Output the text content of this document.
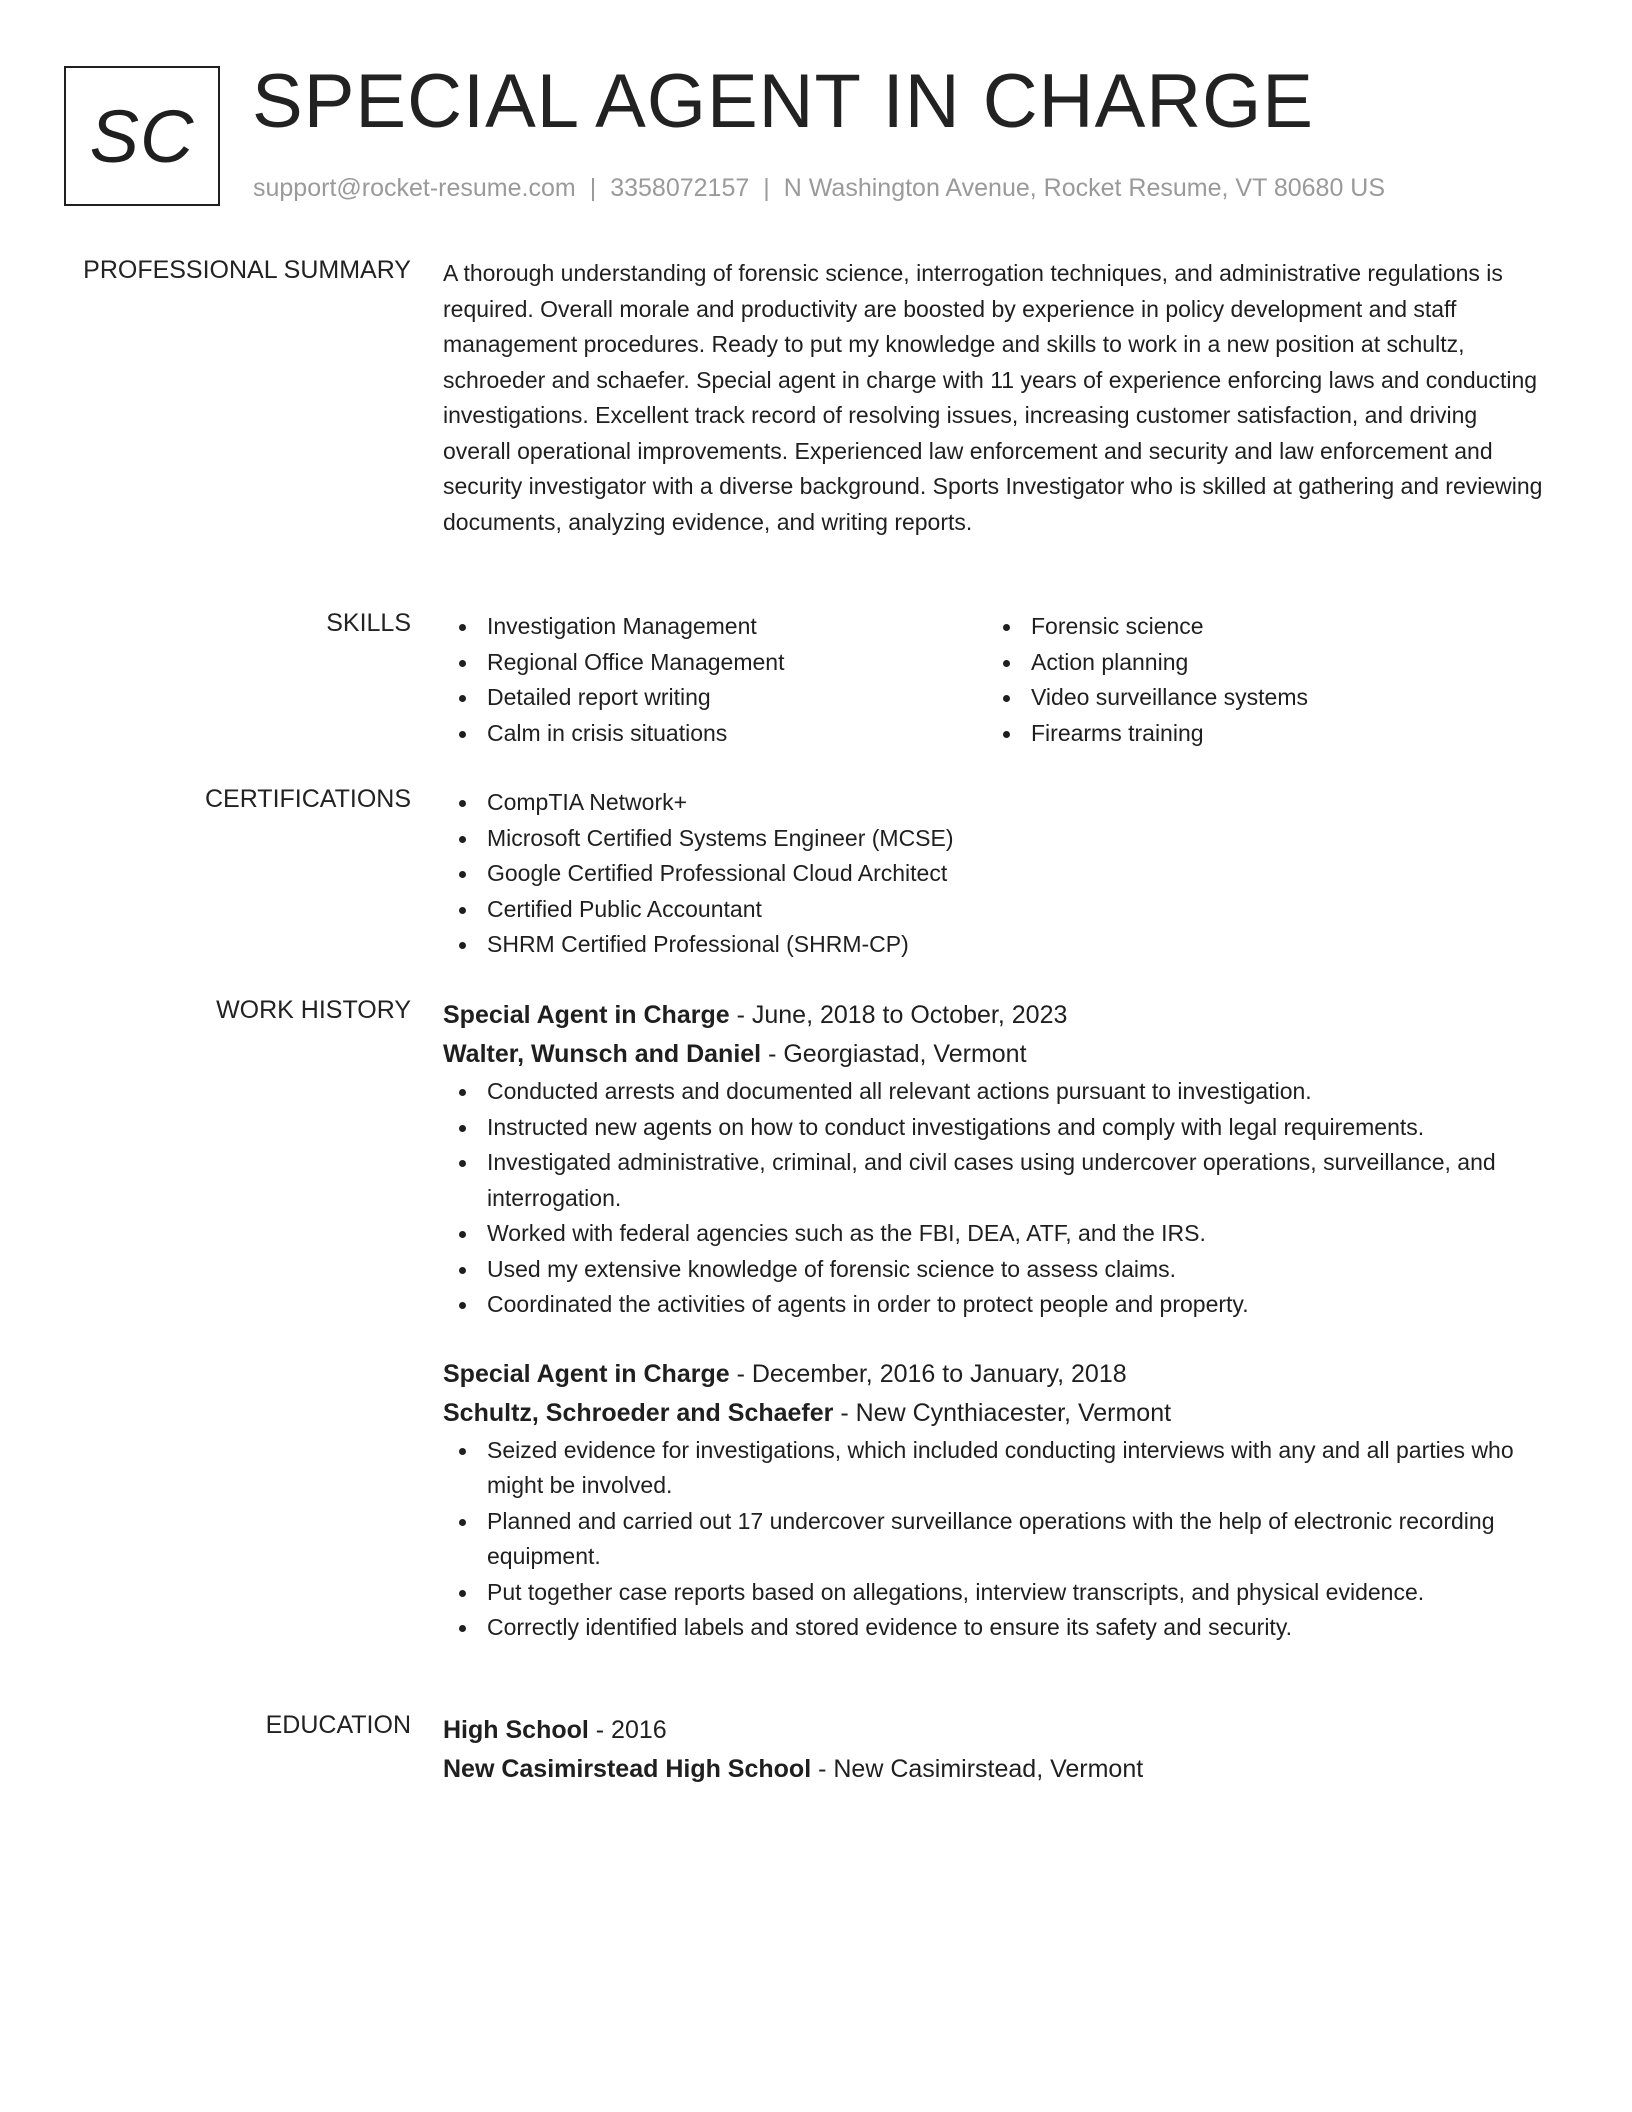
SC SPECIAL AGENT IN CHARGE
support@rocket-resume.com | 3358072157 | N Washington Avenue, Rocket Resume, VT 80680 US
PROFESSIONAL SUMMARY A thorough understanding of forensic science, interrogation techniques, and administrative regulations is required. Overall morale and productivity are boosted by experience in policy development and staff management procedures. Ready to put my knowledge and skills to work in a new position at schultz, schroeder and schaefer. Special agent in charge with 11 years of experience enforcing laws and conducting investigations. Excellent track record of resolving issues, increasing customer satisfaction, and driving overall operational improvements. Experienced law enforcement and security and law enforcement and security investigator with a diverse background. Sports Investigator who is skilled at gathering and reviewing documents, analyzing evidence, and writing reports.

SKILLS	Investigation Management
Regional Office Management
Detailed report writing
Calm in crisis situations
Forensic science
Action planning
Video surveillance systems
Firearms training
CERTIFICATIONS	CompTIA Network+
Microsoft Certified Systems Engineer (MCSE)
Google Certified Professional Cloud Architect
Certified Public Accountant
SHRM Certified Professional (SHRM-CP)
WORK HISTORY Special Agent in Charge - June, 2018 to October, 2023
Walter, Wunsch and Daniel - Georgiastad, Vermont
Conducted arrests and documented all relevant actions pursuant to investigation.
Instructed new agents on how to conduct investigations and comply with legal requirements.
Investigated administrative, criminal, and civil cases using undercover operations, surveillance, and interrogation.
Worked with federal agencies such as the FBI, DEA, ATF, and the IRS.
Used my extensive knowledge of forensic science to assess claims.
Coordinated the activities of agents in order to protect people and property.
Special Agent in Charge - December, 2016 to January, 2018
Schultz, Schroeder and Schaefer - New Cynthiacester, Vermont
Seized evidence for investigations, which included conducting interviews with any and all parties who might be involved.
Planned and carried out 17 undercover surveillance operations with the help of electronic recording equipment.
Put together case reports based on allegations, interview transcripts, and physical evidence.
Correctly identified labels and stored evidence to ensure its safety and security.
EDUCATION High School - 2016
New Casimirstead High School - New Casimirstead, Vermont
